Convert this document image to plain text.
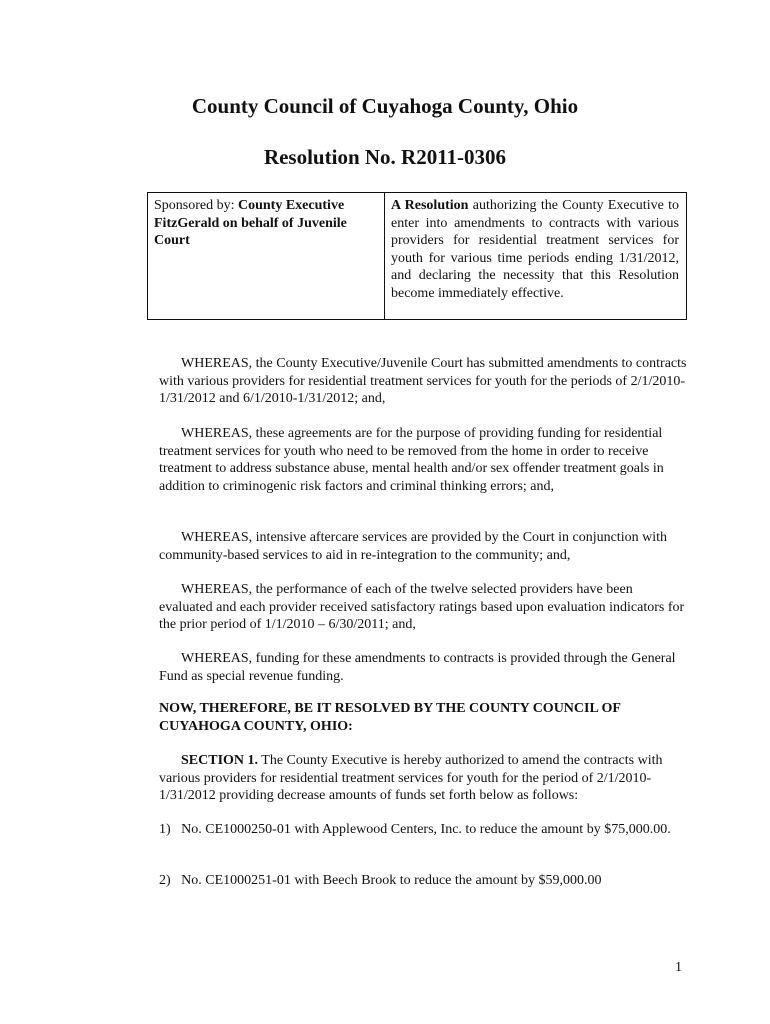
County Council of Cuyahoga County, Ohio
Resolution No. R2011-0306
Sponsored by: County Executive FitzGerald on behalf of Juvenile Court
A Resolution authorizing the County Executive to enter into amendments to contracts with various providers for residential treatment services for youth for various time periods ending 1/31/2012, and declaring the necessity that this Resolution become immediately effective.

WHEREAS, the County Executive/Juvenile Court has submitted amendments to contracts with various providers for residential treatment services for youth for the periods of 2/1/2010-1/31/2012 and 6/1/2010-1/31/2012; and,

WHEREAS, these agreements are for the purpose of providing funding for residential treatment services for youth who need to be removed from the home in order to receive treatment to address substance abuse, mental health and/or sex offender treatment goals in addition to criminogenic risk factors and criminal thinking errors; and,

WHEREAS, intensive aftercare services are provided by the Court in conjunction with community-based services to aid in re-integration to the community; and,

WHEREAS, the performance of each of the twelve selected providers have been evaluated and each provider received satisfactory ratings based upon evaluation indicators for the prior period of 1/1/2010 – 6/30/2011; and,

WHEREAS, funding for these amendments to contracts is provided through the General Fund as special revenue funding.

NOW, THEREFORE, BE IT RESOLVED BY THE COUNTY COUNCIL OF CUYAHOGA COUNTY, OHIO:

SECTION 1. The County Executive is hereby authorized to amend the contracts with various providers for residential treatment services for youth for the period of 2/1/2010-1/31/2012 providing decrease amounts of funds set forth below as follows:

1)   No. CE1000250-01 with Applewood Centers, Inc. to reduce the amount by $75,000.00.

2)   No. CE1000251-01 with Beech Brook to reduce the amount by $59,000.00

1
